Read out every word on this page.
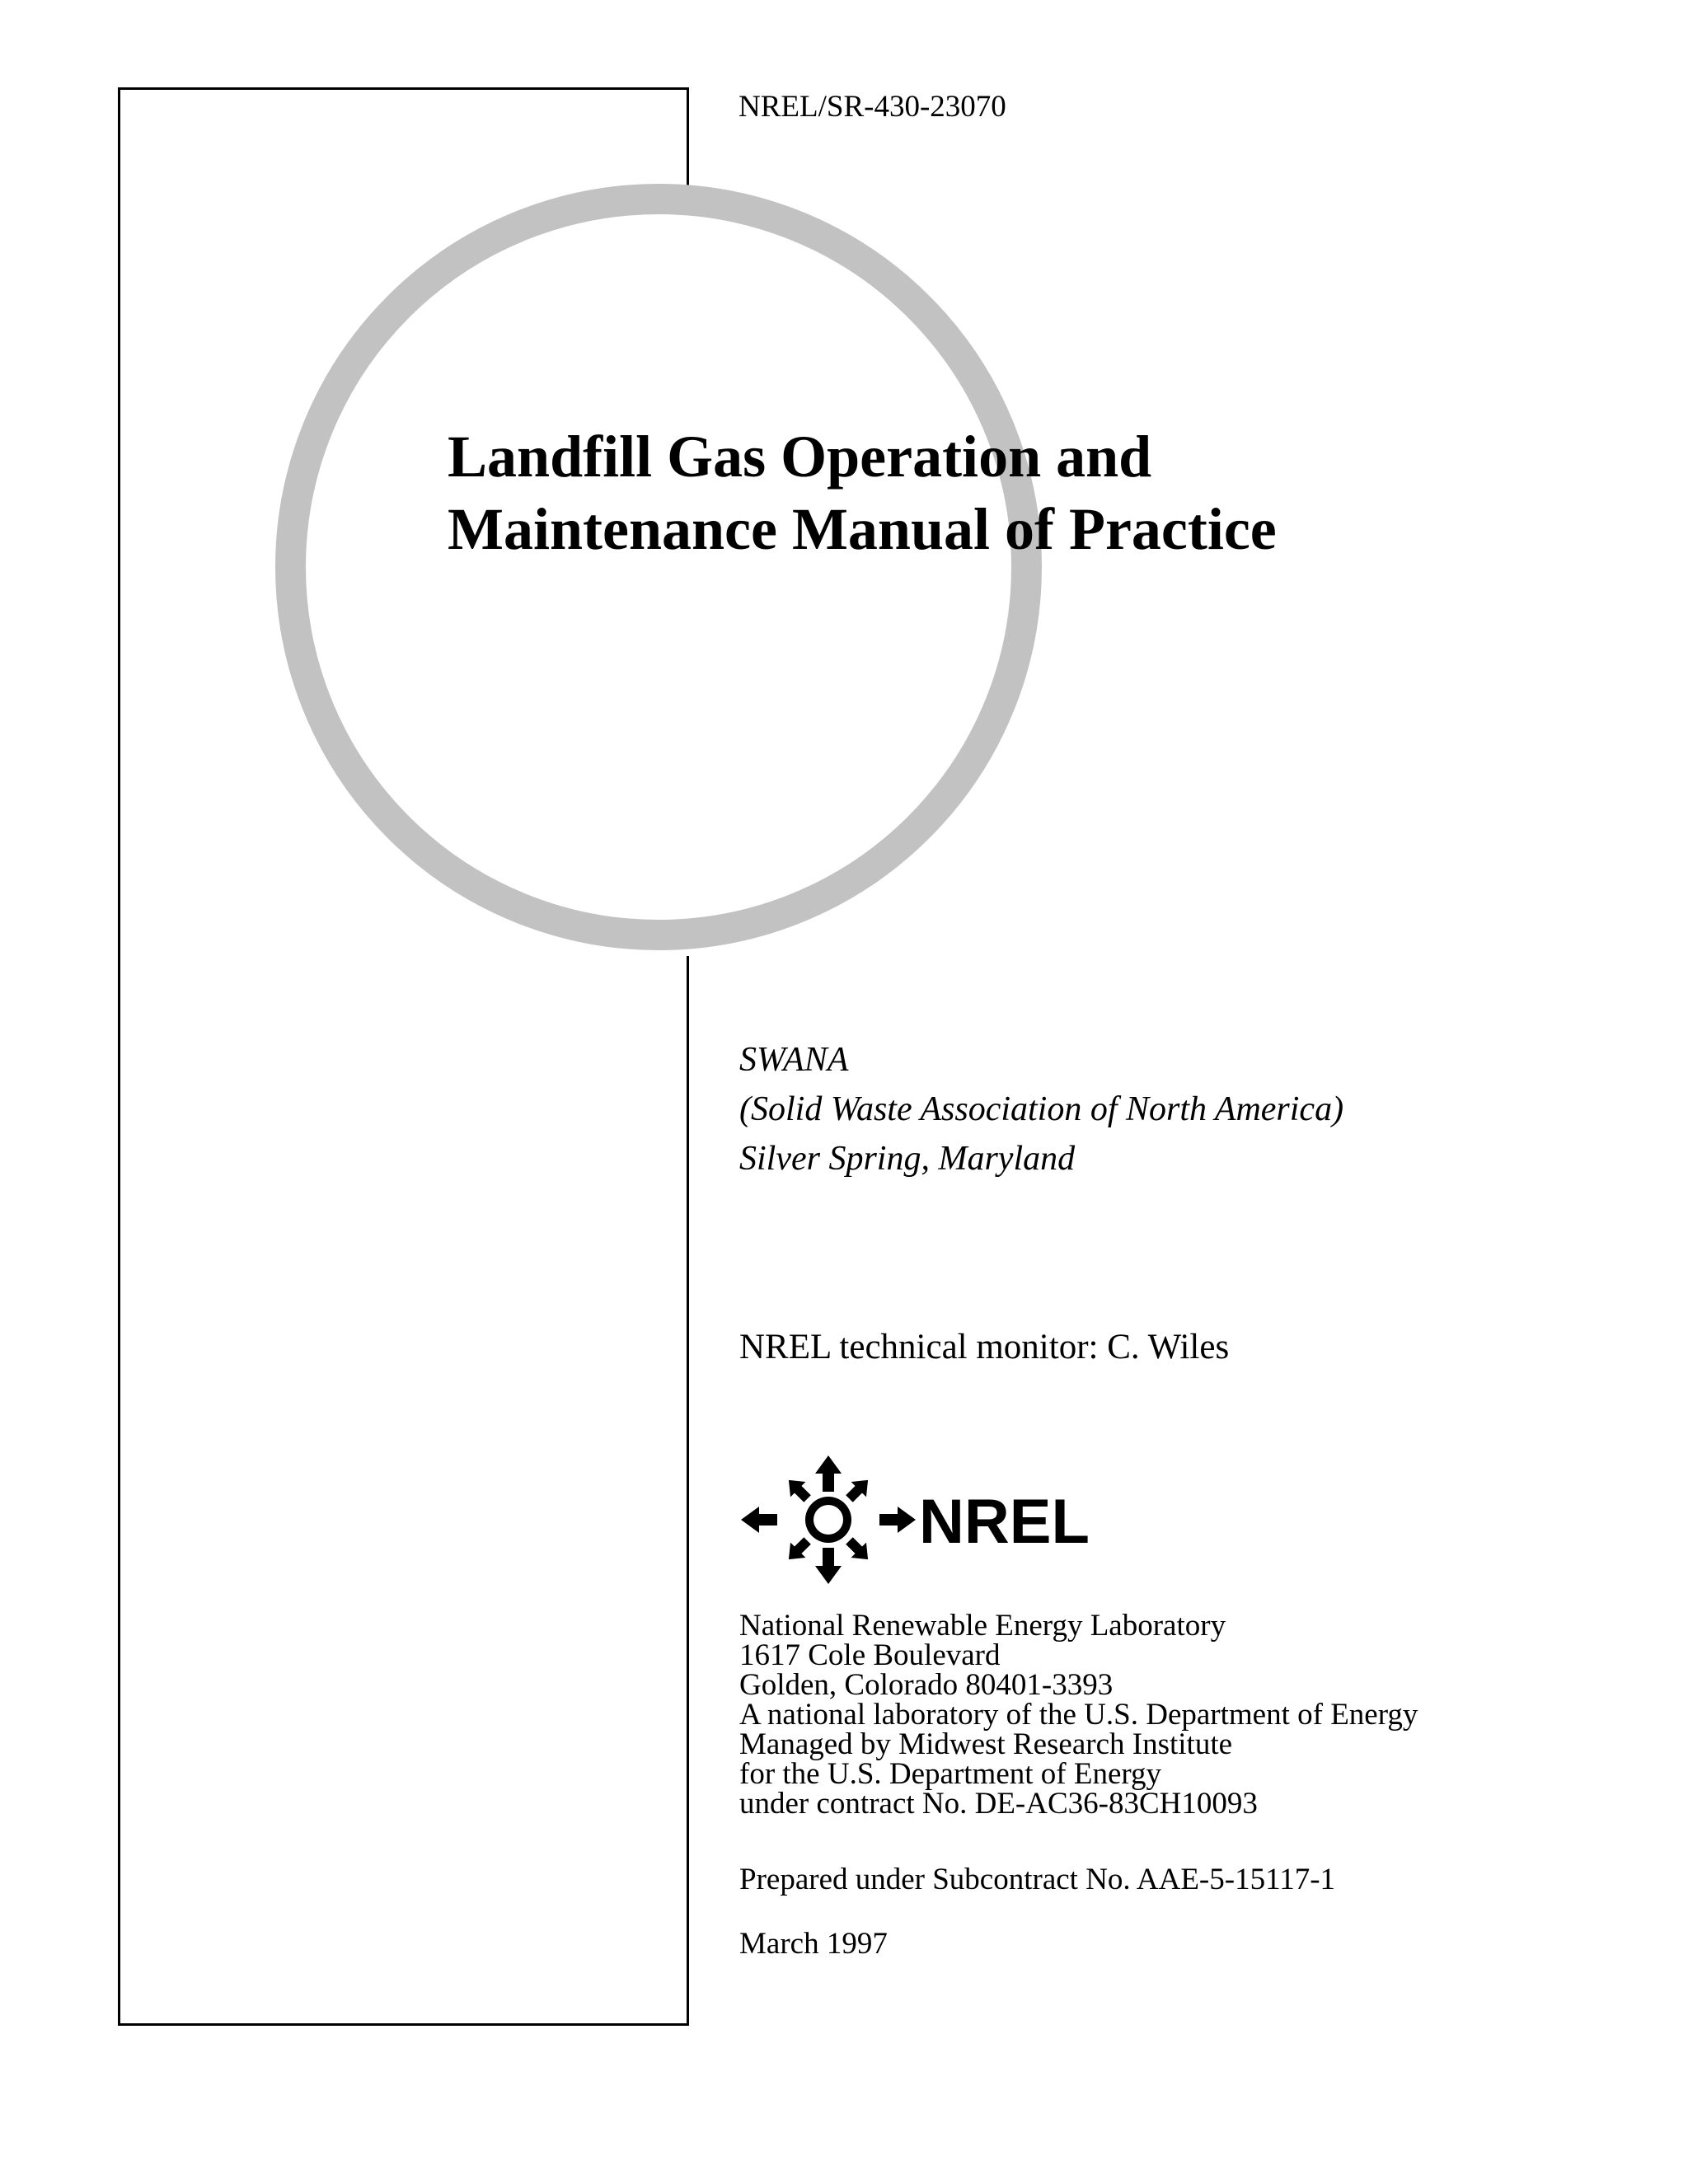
NREL/SR-430-23070
Landfill Gas Operation and
Maintenance Manual of Practice
SWANA
(Solid Waste Association of North America)
Silver Spring, Maryland
NREL technical monitor: C. Wiles
NREL
National Renewable Energy Laboratory
1617 Cole Boulevard
Golden, Colorado 80401-3393
A national laboratory of the U.S. Department of Energy
Managed by Midwest Research Institute
for the U.S. Department of Energy
under contract No. DE-AC36-83CH10093
Prepared under Subcontract No. AAE-5-15117-1
March 1997
